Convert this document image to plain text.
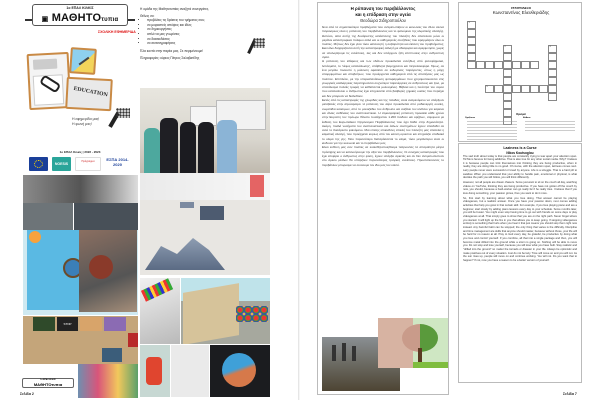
1ο ΕΠΑΛ ΚΙΛΚΙΣ
▣ ΜΑΘΗΤΟτυπια
ΣΧΟΛΙΚΗ ΕΦΗΜΕΡΙΔΑ
EDUCATION
Η εφημερίδα μας!
Η φωνή μας!
1ο ΕΠΑΛ Κιλκίς | 2022 - 2023
NOESIS
Πρόγραμμα	ΕΣΠΑ 2014-2020
Η ομάδα της Μαθητοτυπίας αναζητά συνεργάτες.
Θέλεις να:
• προβάλεις τις δράσεις του τμήματος σου;
• να μοιραστείς απόψεις και ιδέες
• να δημιουργήσεις
• απλά να μας γνωρίσεις
• να διασκεδάσεις
• να σκιτσογραφήσεις
Έλα κοντά στην παρέα μας. Σε περιμένουμε!
Πληροφορίες: κύριος Πέτρος Σαλαβατίδης
STOP
1ο ΕΠΑΛ ΚΙΛΚΙΣ
ΜΑΘΗΤΟτυπια
Σελίδα 2
Η ρύπανση του περιβάλλοντος
και η επίδραση στην υγεία
Θεοδώρα Σιδηροπούλου
Ένα από τα σημαντικότερα προβλήματα που αντιμετωπίζουν οι κοινωνίες του 21ου αιώνα παγκοσμίως είναι η ρύπανση του περιβάλλοντος και το φαινόμενο της κλιματικής αλλαγής. Ωστόσο, αιτία αυτής της δυσάρεστης κατάστασης του πλανήτη δεν αποτελούν μόνο οι μεγάλοι καταστροφικοί πόλεμοι αλλά και οι καθημερινές συνήθειες που εφαρμόζουν όλοι οι πολίτες. Μήπως δεν έχει γίνει τόσο κατανοητή η σοβαρότητα και έκταση του προβλήματος; Εκεί όλοι διαχειρίζονται αυτή την καταστροφική αλλαγή με αδιαφορία και αμεριμνησία, χωρίς να υπολογίζουμε τις συνέπειες, λες και δεν υπάρχουν ήδη επιπτώσεις στην ανθρώπινη υγεία.
Η ρύπανση του εδάφους και των υδάτων προκαλείται συνήθως από φυτοφάρμακα, λιπάσματα, το 'νέφος κατανάλωσης', απόβλητα βιομηχανιών και πετρελαιοφόρα. Όμως, σε ένα μεγάλο ποσοστό η μόλυνση οφείλεται σε ενδογενείς παράγοντες, όπως η μάχη απορριμμάτων και αποβλήτων, που προέρχονται καθημερινά από τις απαιτήσεις μας ως πολιτών. Επιπλέον, με την υπερκατανάλωση φυτοφαρμάκων που χρησιμοποιούνται στις γεωργικές καλλιέργειες παρατηρούνται συχνότερα παρενέργειες σε ανθρώπους και ζώα, με αποτέλεσμα πολλές τροφές να καθίστανται μολυσμένες. Βέβαια και η ποιότητα του νερού που καταναλώνει ο άνθρωπος έχει επηρεαστεί από βλαβερές χημικές ουσίες που περιέχει και δεν μπορούν να διαλυθούν.
Εκτός από τις καταστροφές της χλωρίδας και της πανίδας, είναι αναμενόμενο να υπάρξουν μεταβολές στην ατμόσφαιρα. Η ρύπανση του αέρα προκαλείται από ραδιενεργές ουσίες, σωματίδια καύσιμων, από το μονοξείδιο του άνθρωπο και αυξάνει τον κίνδυνο για καρκίνο και άλλες ασθένειες του αναπνευστικού. Η ατμοσφαιρική ρύπανση προκαλεί κάθε χρόνο στην Ευρώπη τον πρόωρο θάνατο τουλάχιστον 1.200 παιδιών και εφήβων, σύμφωνα με έκθεση του Ευρωπαϊκού Οργανισμού Περιβάλλοντος που έχει δοθεί στην δημοσιότητα. Ακόμη, πολλά νοσήματα του αναπνευστικού και άλλων συστημάτων έχουν αποδοθεί σε αυτό το δυσάρεστο φαινόμενο. Μια επίσης επικίνδυνη απειλή του πλανήτη μας αποτελεί η κλιματική αλλαγή, που προέρχεται κυρίως από τον καύση ορυκτών και επηρεάζει σταδιακά το κλίμα της γης. Όσο περισσότερο διαταράσσεται το κλίμα, τόσο μεγαλύτεροι είναι οι κίνδυνοι για την κοινωνία και το περιβάλλον μας.
Είναι ευθύνη μας σαν πολίτες να ευαισθητοποιηθούμε παίρνοντας τα απαραίτητα μέτρα πρόληψης και να κατανοήσουμε την αξία του περιβάλλοντος. Οι συνεχείς καταστροφές που έχει επιφέρει ο άνθρωπος στην φύση, έχουν υπάρξει αρκετές και αν δεν αντιμετωπιστούν στο άμεσο μέλλον θα υπάρξουν περισσότερες τραγικές συνέπειες. Προστατεύοντας το περιβάλλον μπορούμε να σώσουμε τον ίδιο μας τον εαυτό.
ΣΤΑΥΡΟΛΕΞΟ
Κωνσταντίνος Ελευθεριάδης
1
2	3
5
Ορισμοί
Οριζόντια	Κάθετα
Laziness is a Curse
Nikos Koutsoglou
The sad truth about today is that people are constantly trying to tear apart your attention span. TikTok is famous for being addictive. That is also true for any other social media. Why? I believe it is because people can trick themselves into thinking they are being productive, when in reality, they are doing little to no good. Of course, with the attention span, laziness comes next. Lazy people never were successful or loved by anyone. Life is a struggle. That is a hard pill to swallow. When you understand that your ability to handle pain, emotional or physical, is what decides the path you will follow, you will think differently.
However, not all people are dream chasers. Some just want to sit on the couch all day, watching videos on YouTube, thinking they are being productive. If you have not gotten off the couch by now, you should, because a hard-worker can go really far if he really tries. I believe that if you love doing something, your passion grows, thus you want to do it more.
So, first start by learning about what you love doing. That answer cannot be playing videogames, but a realistic answer. Once you have your passion down, next comes adding activities that help you grow in that certain skill. For example, if you love playing piano and are a beginner, start slowly by adding piano lessons every day to your schedule. Some months later, you will be busier. You might even stop having time to go out with friends on some days or play videogames at all. That simply goes to show that you are on the right path. Never forget where you started. It will light up the fire in you that allows you to keep going. If stopping videogames entirely is something that hurts when you hear it that just means you should stop them right now instead. Any harmful habit can be stopped; the only thing that varies is the difficulty. Discipline and time management are skills that anyone should master, because without those, your life will be hard for no reason at all. Pray to God every day, be grateful, be productive by doing what you love and control yourself. If you combine, all that into a single package and then, you will become metal drilled into the ground while a storm is going on. Nothing will be able to move you. Do not stop and lose yourself, because you will lose what you have built. Stay realistic and "drilled into the ground" no matter the tornado or disaster in your life. Always be optimistic and make positives out of every situation. Just do not be lazy. Time will move on and you will not. As the sun rises up, people will move on and continue working. You will not. Do you want that to happen? If not, now you have a reason to be a better version of yourself.
Σελίδα 7
